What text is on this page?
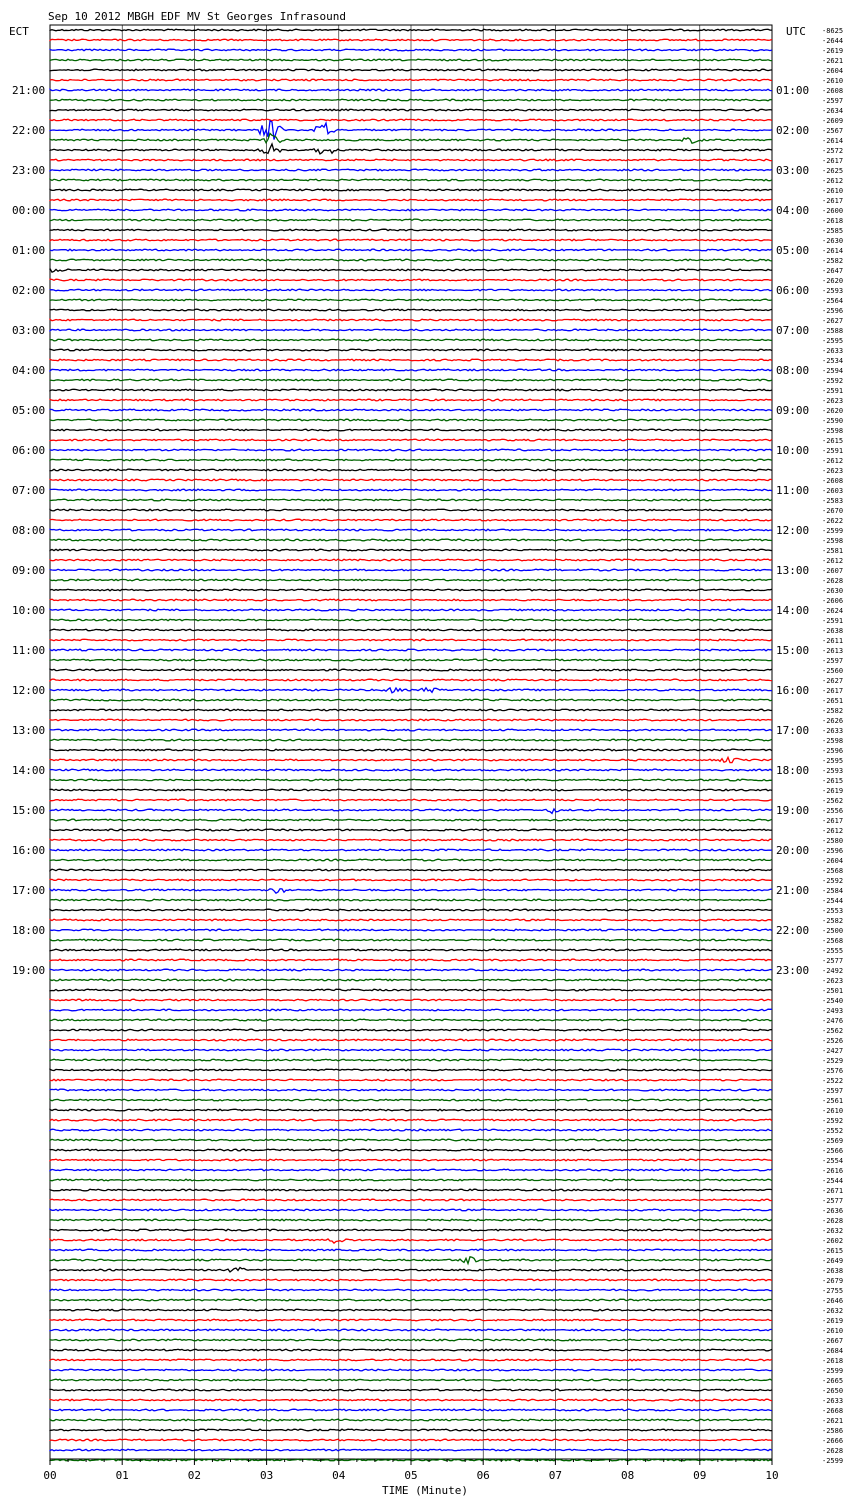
Sep 10 2012 MBGH EDF MV St Georges Infrasound
ECT	UTC
21:00
22:00
23:00
00:00
01:00
02:00
03:00
04:00
05:00
06:00
07:00
08:00
09:00
10:00
11:00
12:00
13:00
14:00
15:00
16:00
17:00
18:00
19:00
01:00
02:00
03:00
04:00
05:00
06:00
07:00
08:00
09:00
10:00
11:00
12:00
13:00
14:00
15:00
16:00
17:00
18:00
19:00
20:00
21:00
22:00
23:00
-8625
-2644
-2619
-2621
-2604
-2610
-2608
-2597
-2634
-2609
-2567
-2614
-2572
-2617
-2625
-2612
-2610
-2617
-2600
-2618
-2585
-2630
-2614
-2582
-2647
-2620
-2593
-2564
-2596
-2627
-2588
-2595
-2633
-2534
-2594
-2592
-2591
-2623
-2620
-2590
-2598
-2615
-2591
-2612
-2623
-2608
-2603
-2583
-2670
-2622
-2599
-2598
-2581
-2612
-2607
-2628
-2630
-2606
-2624
-2591
-2638
-2611
-2613
-2597
-2560
-2627
-2617
-2651
-2582
-2626
-2633
-2598
-2596
-2595
-2593
-2615
-2619
-2562
-2556
-2617
-2612
-2580
-2596
-2604
-2568
-2592
-2584
-2544
-2553
-2582
-2500
-2568
-2555
-2577
-2492
-2623
-2501
-2540
-2493
-2476
-2562
-2526
-2427
-2529
-2576
-2522
-2597
-2561
-2610
-2592
-2552
-2569
-2566
-2554
-2616
-2544
-2671
-2577
-2636
-2628
-2632
-2602
-2615
-2649
-2638
-2679
-2755
-2646
-2632
-2619
-2610
-2667
-2684
-2618
-2599
-2665
-2650
-2633
-2668
-2621
-2586
-2666
-2628
-2599
00	01	02	03	04	05	06	07	08	09	10
TIME (Minute)
